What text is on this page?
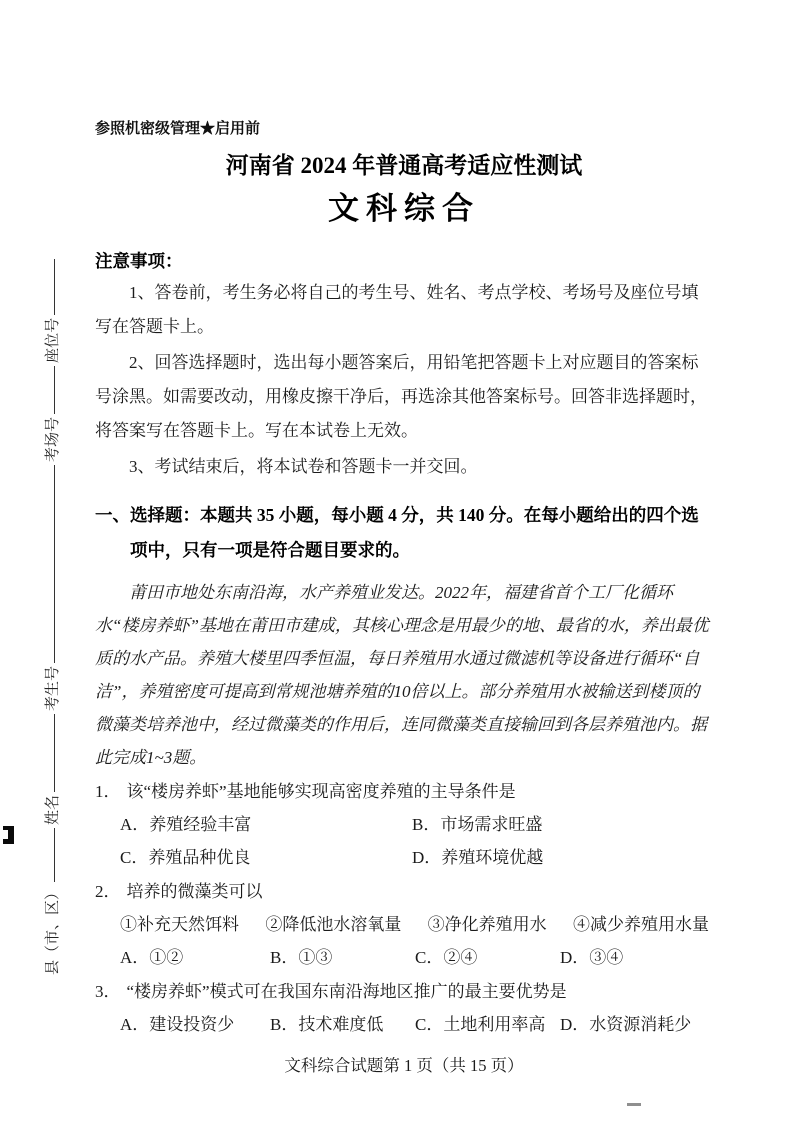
县（市、区）
姓名
考生号
考场号
座位号
参照机密级管理★启用前
河南省 2024 年普通高考适应性测试
文科综合
注意事项：
1、答卷前，考生务必将自己的考生号、姓名、考点学校、考场号及座位号填写在答题卡上。
2、回答选择题时，选出每小题答案后，用铅笔把答题卡上对应题目的答案标号涂黑。如需要改动，用橡皮擦干净后，再选涂其他答案标号。回答非选择题时，将答案写在答题卡上。写在本试卷上无效。
3、考试结束后，将本试卷和答题卡一并交回。
一、选择题：本题共 35 小题，每小题 4 分，共 140 分。在每小题给出的四个选项中，只有一项是符合题目要求的。
莆田市地处东南沿海，水产养殖业发达。2022年，福建省首个工厂化循环水“楼房养虾”基地在莆田市建成，其核心理念是用最少的地、最省的水，养出最优质的水产品。养殖大楼里四季恒温，每日养殖用水通过微滤机等设备进行循环“自洁”，养殖密度可提高到常规池塘养殖的10倍以上。部分养殖用水被输送到楼顶的微藻类培养池中，经过微藻类的作用后，连同微藻类直接输回到各层养殖池内。据此完成1~3题。
1． 该“楼房养虾”基地能够实现高密度养殖的主导条件是
A．养殖经验丰富	B．市场需求旺盛
C．养殖品种优良	D．养殖环境优越
2． 培养的微藻类可以
①补充天然饵料 ②降低池水溶氧量 ③净化养殖用水 ④减少养殖用水量
A．①②	B．①③	C．②④	D．③④
3． “楼房养虾”模式可在我国东南沿海地区推广的最主要优势是
A．建设投资少	B．技术难度低	C．土地利用率高 D．水资源消耗少
文科综合试题第 1 页（共 15 页）
